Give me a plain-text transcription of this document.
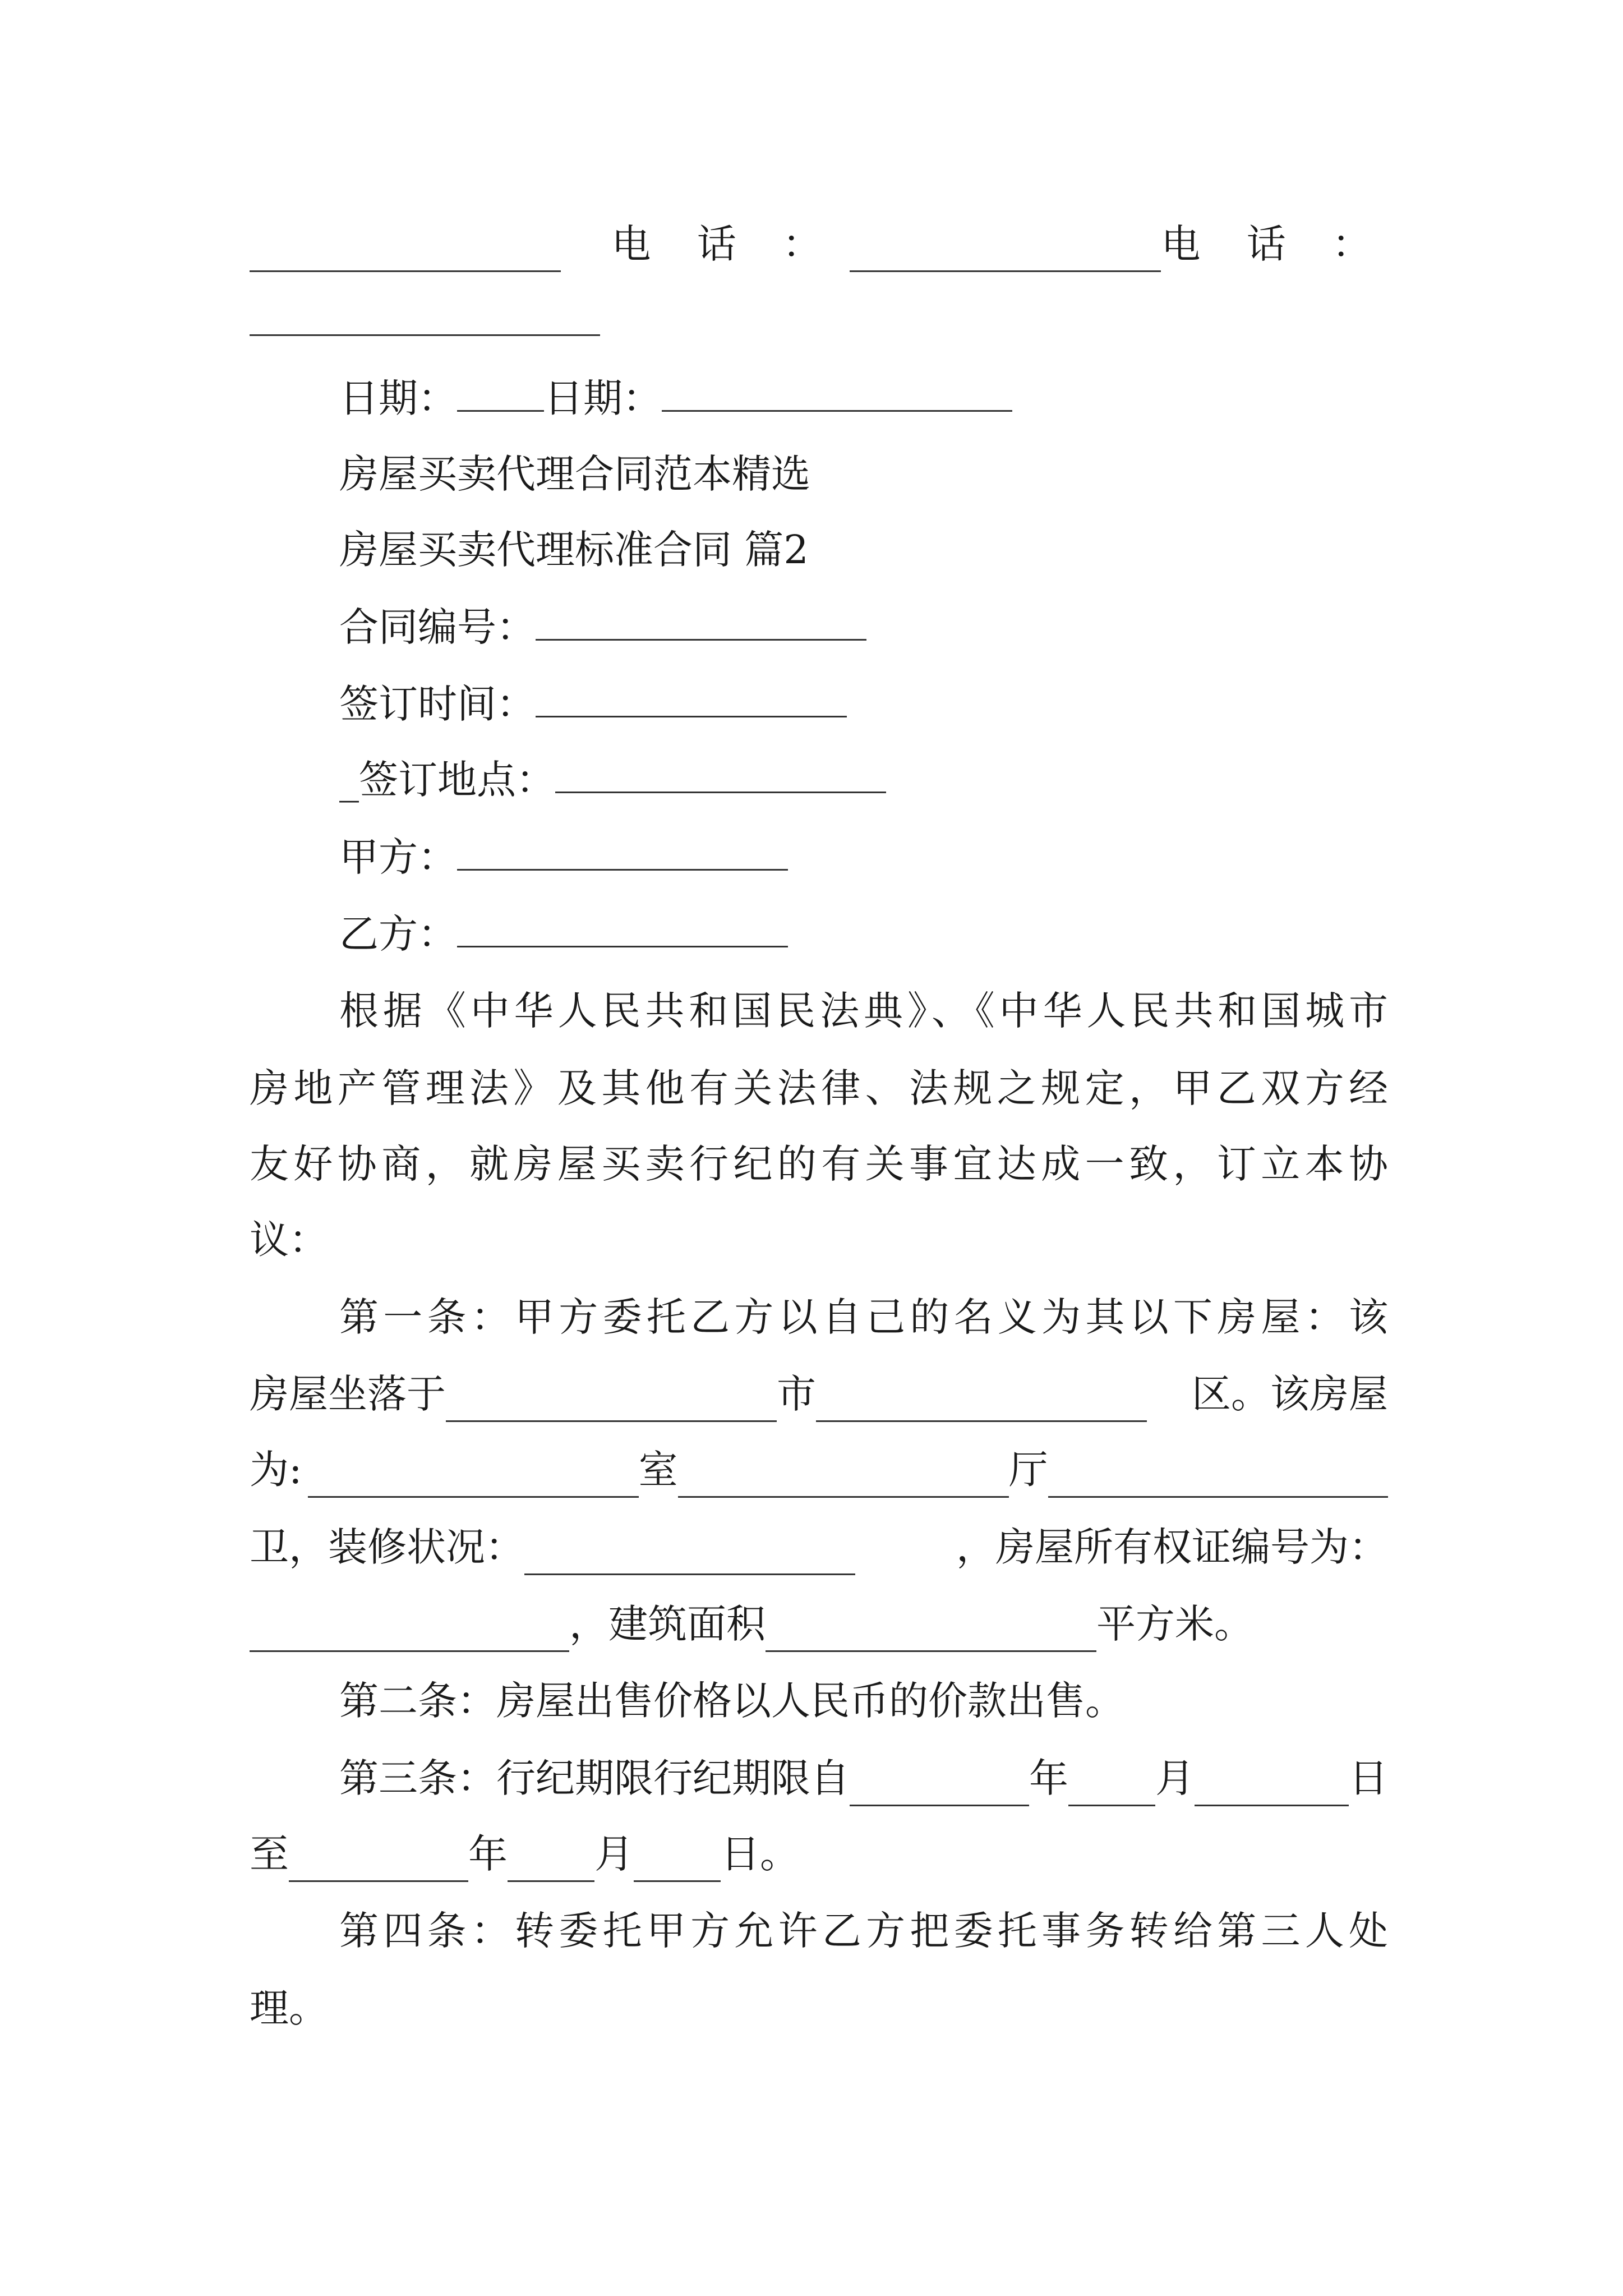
电 话 ：	电 话 ：
日期： 日期：
房屋买卖代理合同范本精选
房屋买卖代理标准合同 篇2
合同编号：
签订时间：
_签订地点：
甲方：
乙方：
根据《中华人民共和国民法典》、《中华人民共和国城市
房地产管理法》及其他有关法律、法规之规定，甲乙双方经
友好协商，就房屋买卖行纪的有关事宜达成一致，订立本协
议：
第一条：甲方委托乙方以自己的名义为其以下房屋：该
房屋坐落于	市	区。该房屋
为:	室	厅
卫，装修状况：	，房屋所有权证编号为：
，建筑面积	平方米。
第二条：房屋出售价格以人民币的价款出售。
第三条：行纪期限行纪期限自	年 月	日
至	年 月 日。
第四条：转委托甲方允许乙方把委托事务转给第三人处
理。
